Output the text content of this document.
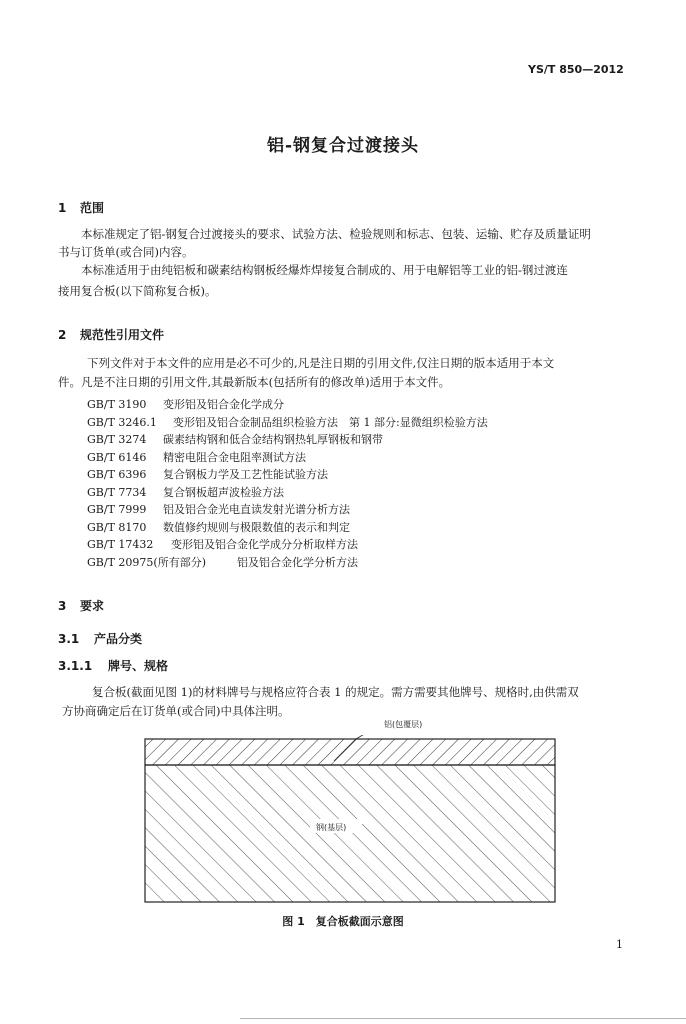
YS/T 850—2012
铝-钢复合过渡接头
1 范围
本标准规定了铝-钢复合过渡接头的要求、试验方法、检验规则和标志、包装、运输、贮存及质量证明
书与订货单(或合同)内容。
本标准适用于由纯铝板和碳素结构钢板经爆炸焊接复合制成的、用于电解铝等工业的铝-钢过渡连
接用复合板(以下简称复合板)。
2 规范性引用文件
下列文件对于本文件的应用是必不可少的,凡是注日期的引用文件,仅注日期的版本适用于本文
件。凡是不注日期的引用文件,其最新版本(包括所有的修改单)适用于本文件。
GB/T 3190 变形铝及铝合金化学成分
GB/T 3246.1 变形铝及铝合金制品组织检验方法　第 1 部分:显微组织检验方法
GB/T 3274 碳素结构钢和低合金结构钢热轧厚钢板和钢带
GB/T 6146 精密电阻合金电阻率测试方法
GB/T 6396 复合钢板力学及工艺性能试验方法
GB/T 7734 复合钢板超声波检验方法
GB/T 7999 铝及铝合金光电直读发射光谱分析方法
GB/T 8170 数值修约规则与极限数值的表示和判定
GB/T 17432 变形铝及铝合金化学成分分析取样方法
GB/T 20975(所有部分)	铝及铝合金化学分析方法
3 要求
3.1 产品分类
3.1.1 牌号、规格
复合板(截面见图 1)的材料牌号与规格应符合表 1 的规定。需方需要其他牌号、规格时,由供需双
方协商确定后在订货单(或合同)中具体注明。
钢(基层)
铝(包覆层)
图 1　复合板截面示意图
1
